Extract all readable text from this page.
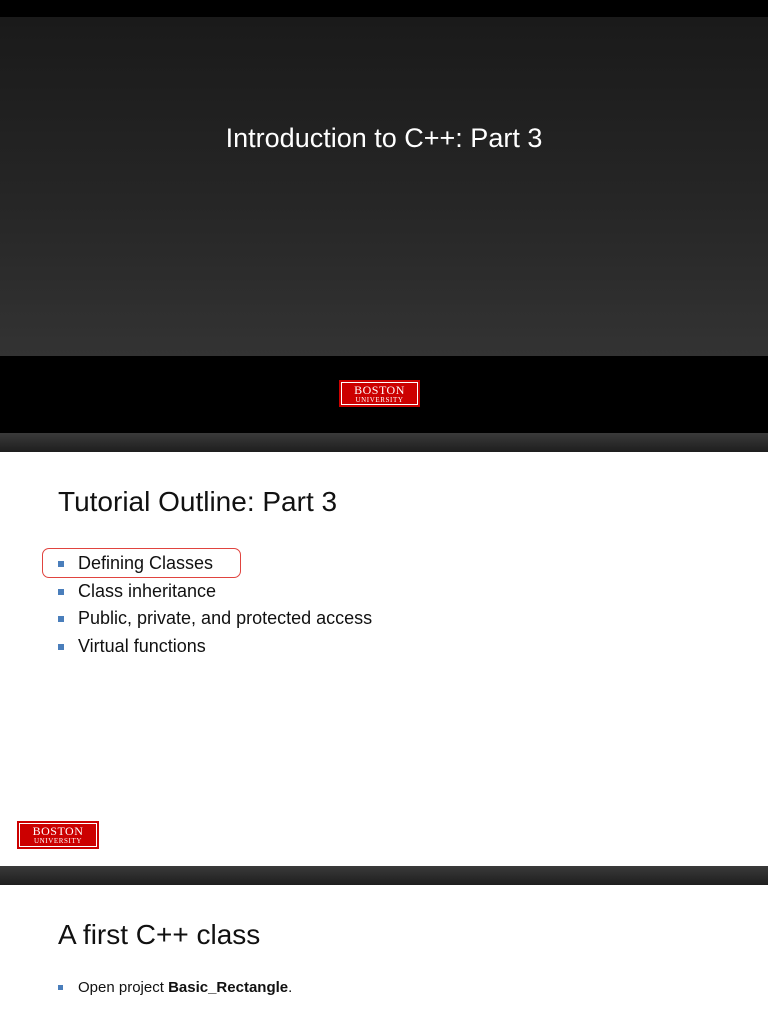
Introduction to C++: Part 3
BOSTON
UNIVERSITY
Tutorial Outline: Part 3
Defining Classes
Class inheritance
Public, private, and protected access
Virtual functions
BOSTON
UNIVERSITY
A first C++ class
Open project Basic_Rectangle.
